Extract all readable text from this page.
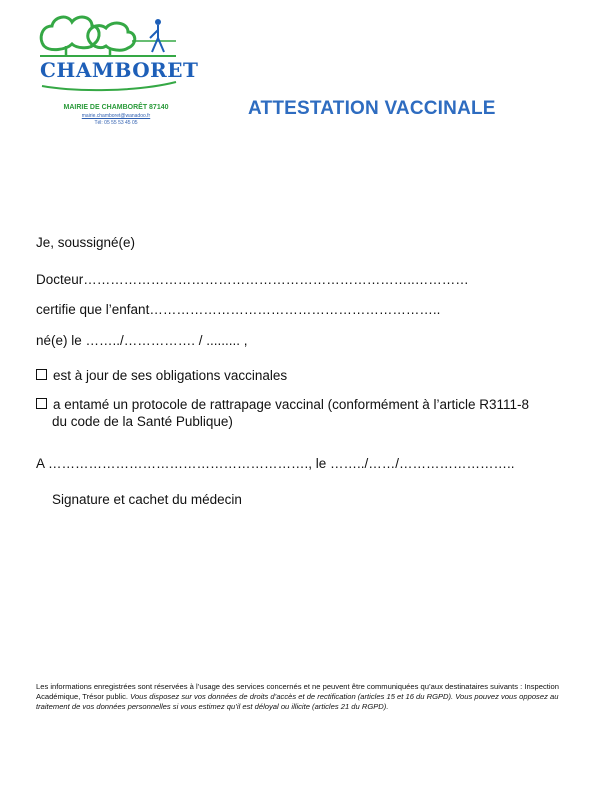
CHAMBORET
MAIRIE DE CHAMBORÊT 87140
mairie.chamboret@wanadoo.fr
Tél: 05 55 53 45 05
ATTESTATION VACCINALE
Je, soussigné(e)
Docteur………………………………………………………………..…………
certifie que l’enfant………………………………………………………..
né(e) le ……../……………. / ......... ,
est à jour de ses obligations vaccinales
a entamé un protocole de rattrapage vaccinal (conformément à l’article R3111-8
du code de la Santé Publique)
A …………………………………………………., le ……../……/……………………..
Signature et cachet du médecin
Les informations enregistrées sont réservées à l’usage des services concernés et ne peuvent être communiquées qu’aux destinataires suivants : Inspection Académique, Trésor public. Vous disposez sur vos données de droits d’accès et de rectification (articles 15 et 16 du RGPD). Vous pouvez vous opposez au traitement de vos données personnelles si vous estimez qu’il est déloyal ou illicite (articles 21 du RGPD).
